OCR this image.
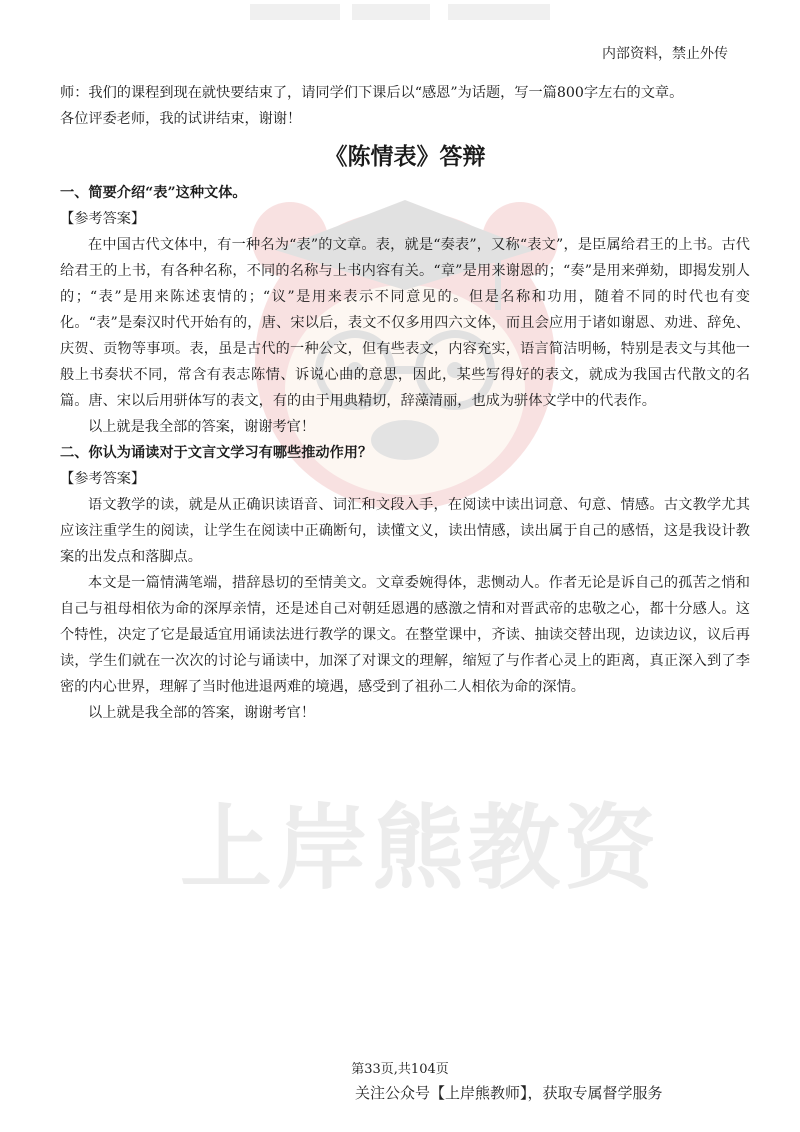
内部资料，禁止外传
上岸熊教资
师：我们的课程到现在就快要结束了，请同学们下课后以“感恩”为话题，写一篇800字左右的文章。
各位评委老师，我的试讲结束，谢谢！
《陈情表》答辩
一、简要介绍“表”这种文体。
【参考答案】
在中国古代文体中，有一种名为“表”的文章。表，就是“奏表”，又称“表文”，是臣属给君王的上书。古代给君王的上书，有各种名称，不同的名称与上书内容有关。“章”是用来谢恩的；“奏”是用来弹劾，即揭发别人的；“表”是用来陈述衷情的；“议”是用来表示不同意见的。但是名称和功用，随着不同的时代也有变化。“表”是秦汉时代开始有的，唐、宋以后，表文不仅多用四六文体，而且会应用于诸如谢恩、劝进、辞免、庆贺、贡物等事项。表，虽是古代的一种公文，但有些表文，内容充实，语言简洁明畅，特别是表文与其他一般上书奏状不同，常含有表志陈情、诉说心曲的意思，因此，某些写得好的表文，就成为我国古代散文的名篇。唐、宋以后用骈体写的表文，有的由于用典精切，辞藻清丽，也成为骈体文学中的代表作。
以上就是我全部的答案，谢谢考官！
二、你认为诵读对于文言文学习有哪些推动作用？
【参考答案】
语文教学的读，就是从正确识读语音、词汇和文段入手，在阅读中读出词意、句意、情感。古文教学尤其应该注重学生的阅读，让学生在阅读中正确断句，读懂文义，读出情感，读出属于自己的感悟，这是我设计教案的出发点和落脚点。
本文是一篇情满笔端，措辞恳切的至情美文。文章委婉得体，悲恻动人。作者无论是诉自己的孤苦之悄和自己与祖母相依为命的深厚亲情，还是述自己对朝廷恩遇的感激之情和对晋武帝的忠敬之心，都十分感人。这个特性，决定了它是最适宜用诵读法进行教学的课文。在整堂课中，齐读、抽读交替出现，边读边议，议后再读，学生们就在一次次的讨论与诵读中，加深了对课文的理解，缩短了与作者心灵上的距离，真正深入到了李密的内心世界，理解了当时他进退两难的境遇，感受到了祖孙二人相依为命的深情。
以上就是我全部的答案，谢谢考官！
第33页,共104页
关注公众号【上岸熊教师】，获取专属督学服务
